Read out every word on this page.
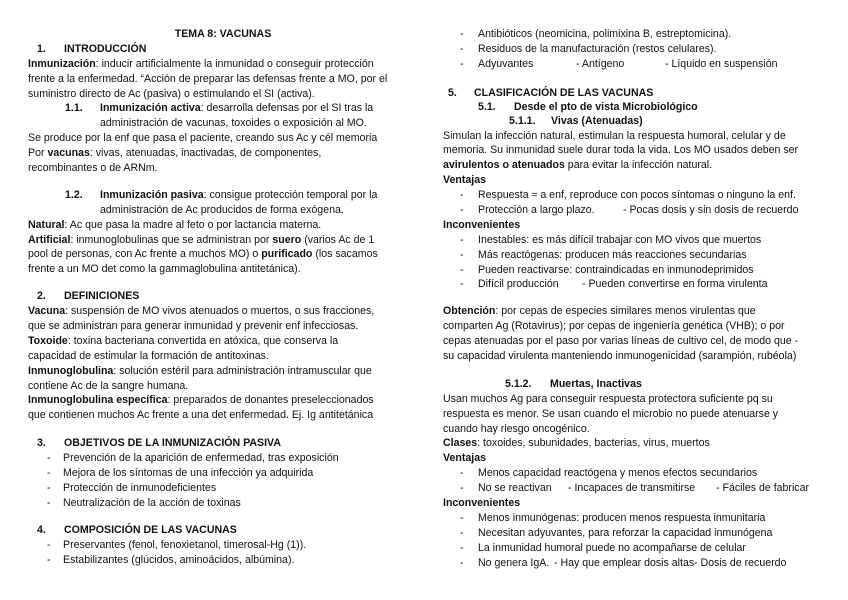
TEMA 8: VACUNAS
1. INTRODUCCIÓN
Inmunización: inducir artificialmente la inmunidad o conseguir protección
frente a la enfermedad. “Acción de preparar las defensas frente a MO, por el
suministro directo de Ac (pasiva) o estimulando el SI (activa).
1.1. Inmunización activa: desarrolla defensas por el SI tras la
administración de vacunas, toxoides o exposición al MO.
Se produce por la enf que pasa el paciente, creando sus Ac y cél memoria
Por vacunas: vivas, atenuadas, inactivadas, de componentes,
recombinantes o de ARNm.
1.2. Inmunización pasiva: consigue protección temporal por la
administración de Ac producidos de forma exógena.
Natural: Ac que pasa la madre al feto o por lactancia materna.
Artificial: inmunoglobulinas que se administran por suero (varios Ac de 1
pool de personas, con Ac frente a muchos MO) o purificado (los sacamos
frente a un MO det como la gammaglobulina antitetánica).
2. DEFINICIONES
Vacuna: suspensión de MO vivos atenuados o muertos, o sus fracciones,
que se administran para generar inmunidad y prevenir enf infecciosas.
Toxoide: toxina bacteriana convertida en atóxica, que conserva la
capacidad de estimular la formación de antitoxinas.
Inmunoglobulina: solución estéril para administración intramuscular que
contiene Ac de la sangre humana.
Inmunoglobulina específica: preparados de donantes preseleccionados
que contienen muchos Ac frente a una det enfermedad. Ej. Ig antitetánica
3. OBJETIVOS DE LA INMUNIZACIÓN PASIVA
- Prevención de la aparición de enfermedad, tras exposición
- Mejora de los síntomas de una infección ya adquirida
- Protección de inmunodeficientes
- Neutralización de la acción de toxinas
4. COMPOSICIÓN DE LAS VACUNAS
- Preservantes (fenol, fenoxietanol, timerosal-Hg (1)).
- Estabilizantes (glúcidos, aminoácidos, albúmina).
- Antibióticos (neomicina, polimixina B, estreptomicina).
- Residuos de la manufacturación (restos celulares).
- Adyuvantes	- Antígeno	- Líquido en suspensión
5. CLASIFICACIÓN DE LAS VACUNAS
5.1. Desde el pto de vista Microbiológico
5.1.1. Vivas (Atenuadas)
Simulan la infección natural, estimulan la respuesta humoral, celular y de
memoria. Su inmunidad suele durar toda la vida. Los MO usados deben ser
avirulentos o atenuados para evitar la infección natural.
Ventajas
- Respuesta ≈ a enf, reproduce con pocos síntomas o ninguno la enf.
- Protección a largo plazo.	- Pocas dosis y sin dosis de recuerdo
Inconvenientes
- Inestables: es más difícil trabajar con MO vivos que muertos
- Más reactógenas: producen más reacciones secundarias
- Pueden reactivarse: contraindicadas en inmunodeprimidos
- Difícil producción - Pueden convertirse en forma virulenta
Obtención: por cepas de especies similares menos virulentas que
comparten Ag (Rotavirus); por cepas de ingeniería genética (VHB); o por
cepas atenuadas por el paso por varias líneas de cultivo cel, de modo que -
su capacidad virulenta manteniendo inmunogenicidad (sarampión, rubéola)
5.1.2. Muertas, Inactivas
Usan muchos Ag para conseguir respuesta protectora suficiente pq su
respuesta es menor. Se usan cuando el microbio no puede atenuarse y
cuando hay riesgo oncogénico.
Clases: toxoides, subunidades, bacterias, virus, muertos
Ventajas
- Menos capacidad reactógena y menos efectos secundarios
- No se reactivan - Incapaces de transmitirse - Fáciles de fabricar
Inconvenientes
- Menos inmunógenas: producen menos respuesta inmunitaria
- Necesitan adyuvantes, para reforzar la capacidad inmunógena
- La inmunidad humoral puede no acompañarse de celular
- No genera IgA. - Hay que emplear dosis altas- Dosis de recuerdo
